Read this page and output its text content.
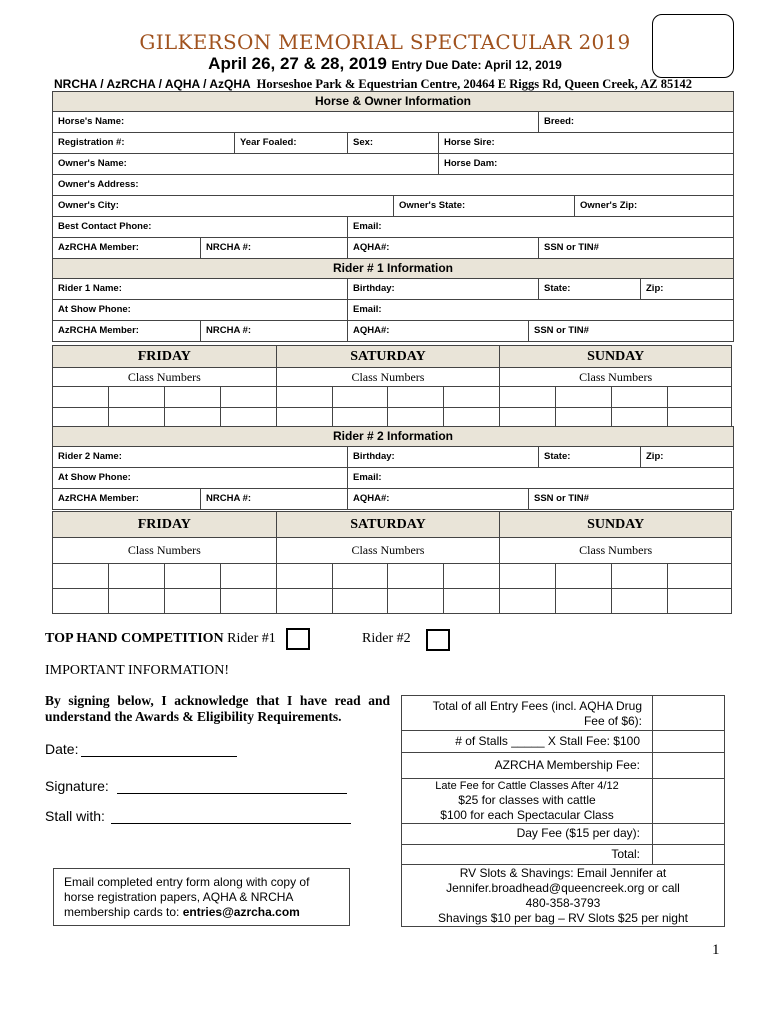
GILKERSON MEMORIAL SPECTACULAR 2019
April 26, 27 & 28, 2019 Entry Due Date: April 12, 2019
NRCHA / AzRCHA / AQHA / AzQHA Horseshoe Park & Equestrian Centre, 20464 E Riggs Rd, Queen Creek, AZ 85142
Horse & Owner Information
Horse's Name:	Breed:
Registration #:	Year Foaled:	Sex:	Horse Sire:
Owner's Name:	Horse Dam:
Owner's Address:
Owner's City:	Owner's State:	Owner's Zip:
Best Contact Phone:	Email:
AzRCHA Member:	NRCHA #:	AQHA#:	SSN or TIN#
Rider # 1 Information
Rider 1 Name:	Birthday:	State:	Zip:
At Show Phone:	Email:
AzRCHA Member:	NRCHA #:	AQHA#:	SSN or TIN#
FRIDAY				SATURDAY				SUNDAY			
Class Numbers				Class Numbers				Class Numbers			

Rider # 2 Information
Rider 2 Name:	Birthday:	State:	Zip:
At Show Phone:	Email:
AzRCHA Member:	NRCHA #:	AQHA#:	SSN or TIN#
FRIDAY				SATURDAY				SUNDAY			
Class Numbers				Class Numbers				Class Numbers			

TOP HAND COMPETITION Rider #1	Rider #2
IMPORTANT INFORMATION!
By signing below, I acknowledge that I have read and understand the Awards & Eligibility Requirements.
Date:
Signature:
Stall with:
Email completed entry form along with copy of horse registration papers, AQHA & NRCHA membership cards to: entries@azrcha.com
Total of all Entry Fees (incl. AQHA Drug Fee of $6):
# of Stalls _____ X Stall Fee: $100
AZRCHA Membership Fee:
Late Fee for Cattle Classes After 4/12
$25 for classes with cattle
$100 for each Spectacular Class
Day Fee ($15 per day):
Total:
RV Slots & Shavings: Email Jennifer at
Jennifer.broadhead@queencreek.org or call
480-358-3793
Shavings $10 per bag – RV Slots $25 per night
1
